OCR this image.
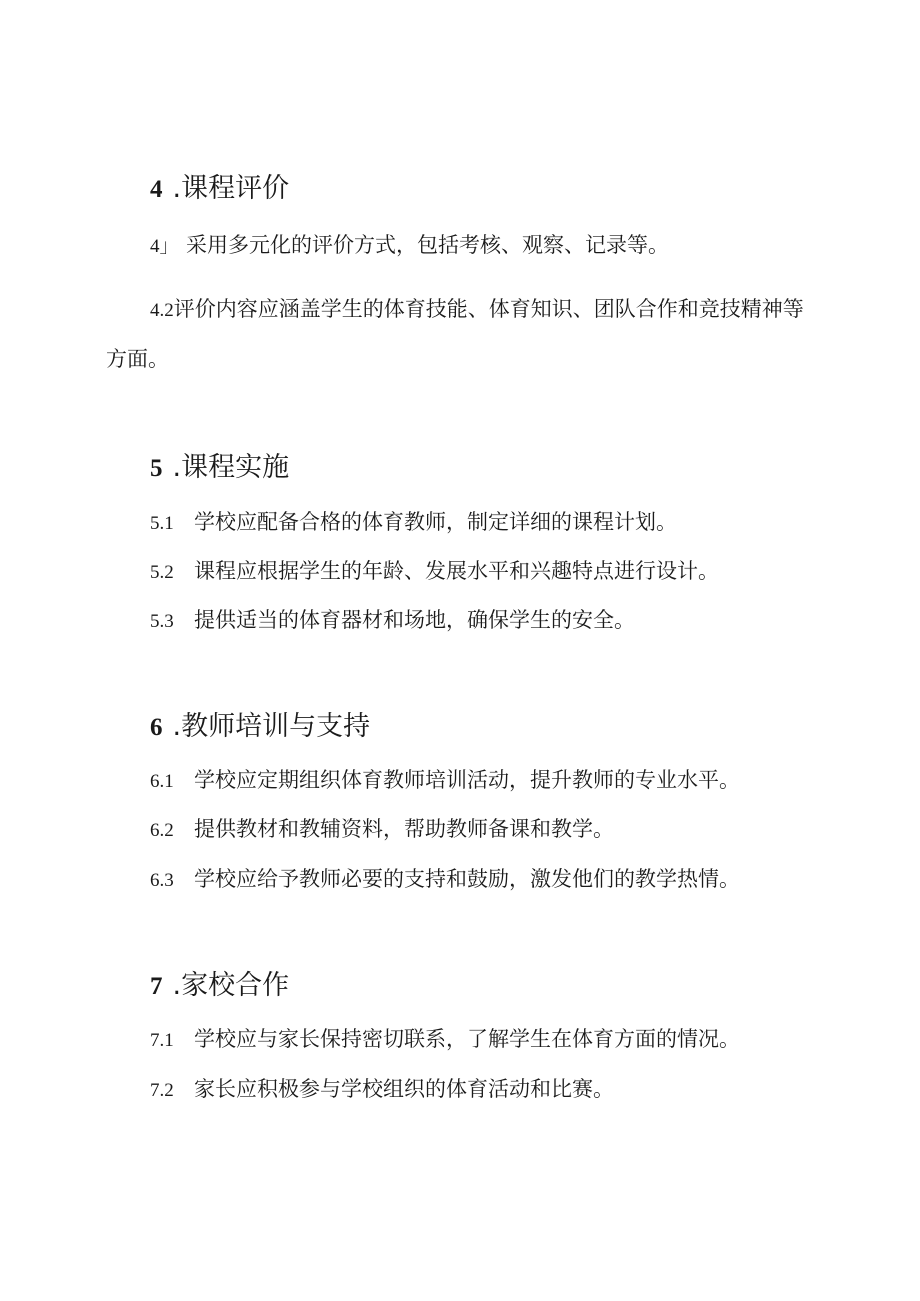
4 .课程评价
4」 采用多元化的评价方式，包括考核、观察、记录等。
4.2评价内容应涵盖学生的体育技能、体育知识、团队合作和竞技精神等方面。
5 .课程实施
5.1 学校应配备合格的体育教师，制定详细的课程计划。
5.2 课程应根据学生的年龄、发展水平和兴趣特点进行设计。
5.3 提供适当的体育器材和场地，确保学生的安全。
6 .教师培训与支持
6.1 学校应定期组织体育教师培训活动，提升教师的专业水平。
6.2 提供教材和教辅资料，帮助教师备课和教学。
6.3 学校应给予教师必要的支持和鼓励，激发他们的教学热情。
7 .家校合作
7.1 学校应与家长保持密切联系，了解学生在体育方面的情况。
7.2 家长应积极参与学校组织的体育活动和比赛。
